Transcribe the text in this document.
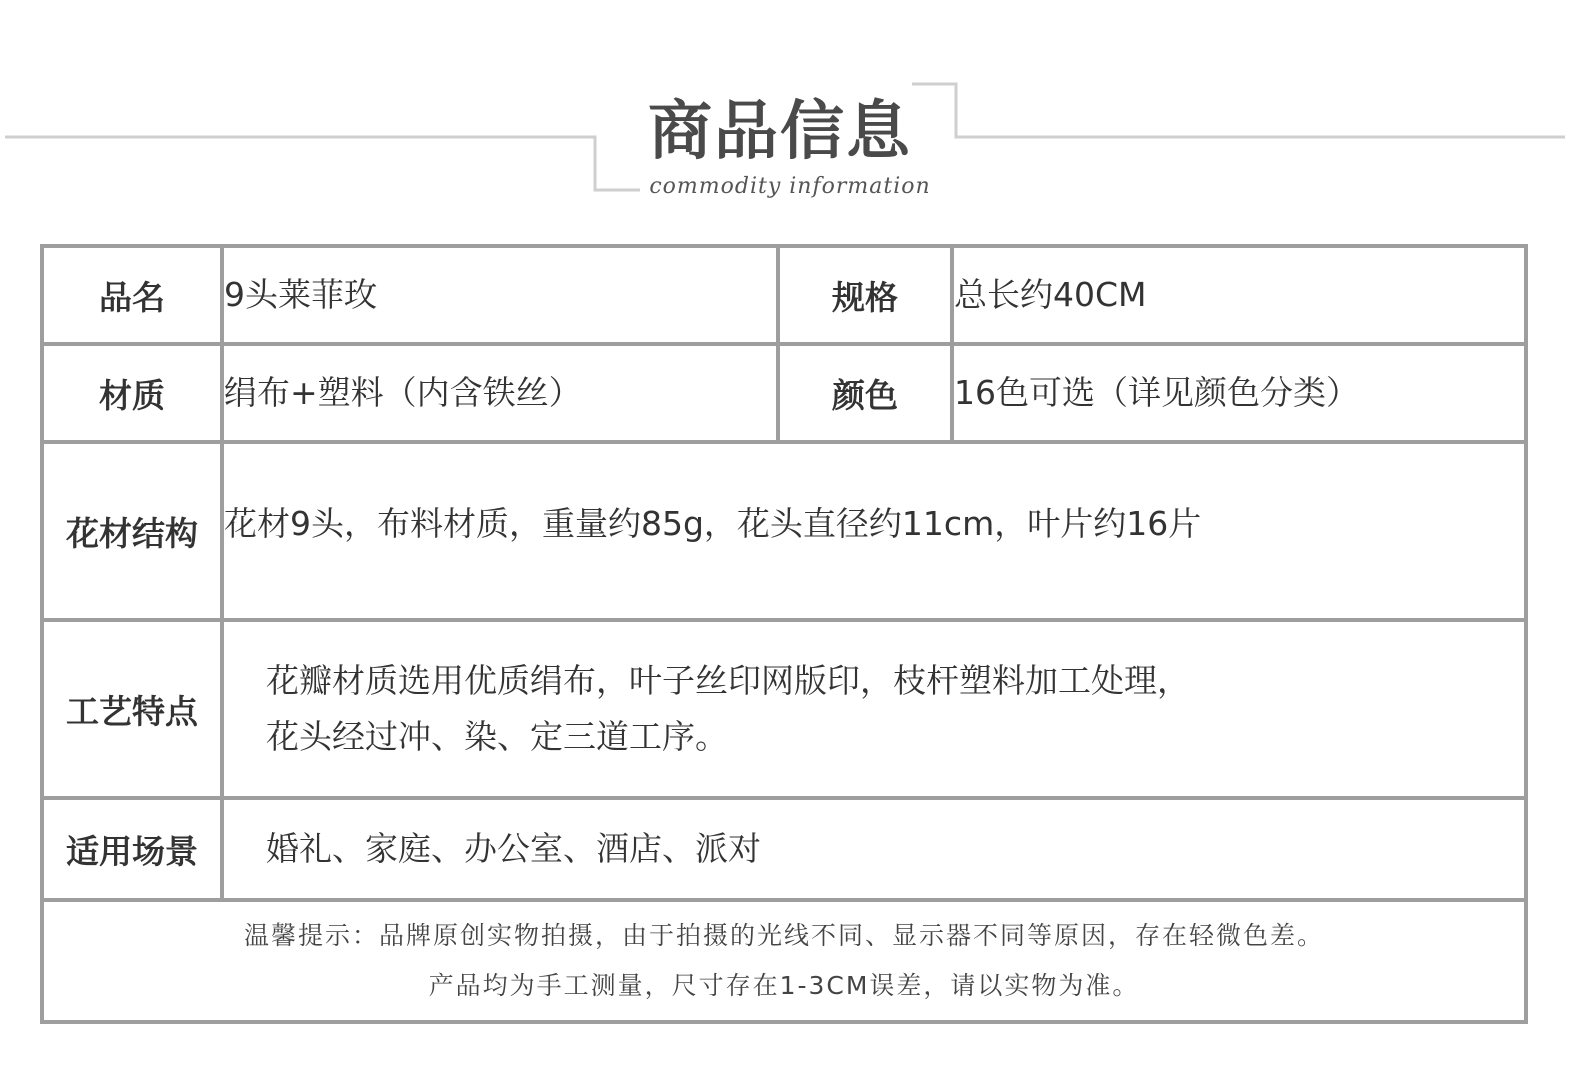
商品信息
commodity information
品名	9头莱菲玫	规格	总长约40CM
材质	绢布+塑料（内含铁丝）	颜色	16色可选（详见颜色分类）
花材结构	花材9头，布料材质，重量约85g，花头直径约11cm，叶片约16片		
工艺特点	花瓣材质选用优质绢布，叶子丝印网版印，枝杆塑料加工处理，
花头经过冲、染、定三道工序。		

适用场景	婚礼、家庭、办公室、酒店、派对		

温馨提示：品牌原创实物拍摄，由于拍摄的光线不同、显示器不同等原因，存在轻微色差。
产品均为手工测量，尺寸存在1-3CM误差，请以实物为准。			
